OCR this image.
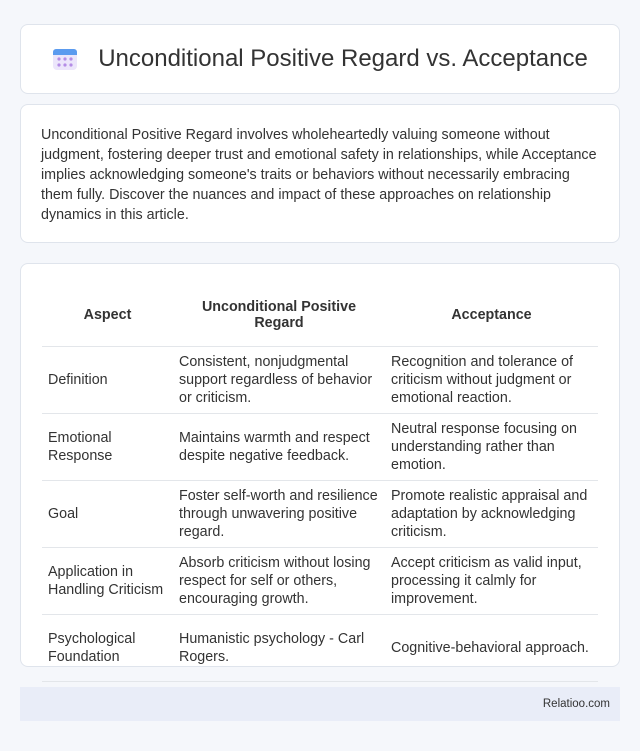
Unconditional Positive Regard vs. Acceptance

Unconditional Positive Regard involves wholeheartedly valuing someone without judgment, fostering deeper trust and emotional safety in relationships, while Acceptance implies acknowledging someone's traits or behaviors without necessarily embracing them fully. Discover the nuances and impact of these approaches on relationship dynamics in this article.

Aspect	Unconditional Positive Regard	Acceptance
Definition	Consistent, nonjudgmental support regardless of behavior or criticism.	Recognition and tolerance of criticism without judgment or emotional reaction.
Emotional Response	Maintains warmth and respect despite negative feedback.	Neutral response focusing on understanding rather than emotion.
Goal	Foster self-worth and resilience through unwavering positive regard.	Promote realistic appraisal and adaptation by acknowledging criticism.
Application in Handling Criticism	Absorb criticism without losing respect for self or others, encouraging growth.	Accept criticism as valid input, processing it calmly for improvement.
Psychological Foundation	Humanistic psychology - Carl Rogers.	Cognitive-behavioral approach.
Relatioo.com
